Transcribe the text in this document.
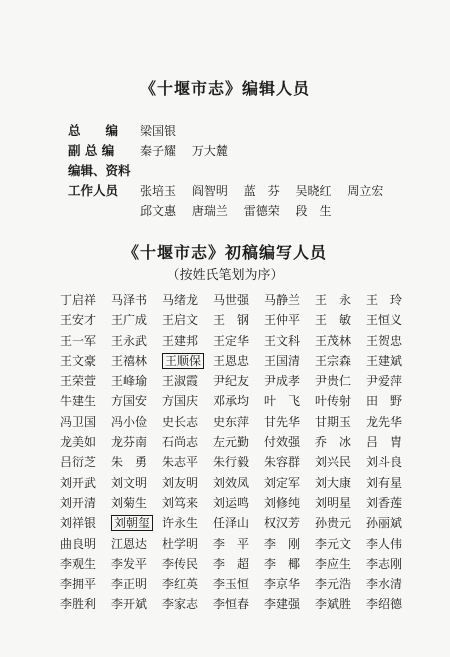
《十堰市志》编辑人员
总　　编	梁国银
副 总 编	秦子耀 万大麓
编辑、资料
工作人员	张培玉 阎智明 蓝　芬 吴晓红 周立宏
邱文惠 唐瑞兰 雷德荣 段　生
《十堰市志》初稿编写人员
（按姓氏笔划为序）
丁启祥	马泽书	马绪龙	马世强	马静兰	王　永	王　玲
王安才	王广成	王启文	王　钢	王仲平	王　敏	王恒义
王一军	王永武	王建邦	王定华	王文科	王茂林	王贺忠
王文豪	王禧林	王顺保 王恩忠	王国清	王宗森	王建斌
王荣萱	王峰瑜	王淑霞	尹纪友	尹成孝	尹贵仁	尹爱萍
牛建生	方国安	方国庆	邓承均	叶　飞	叶传射	田　野
冯卫国	冯小俭	史长志	史东萍	甘先华	甘期玉	龙先华
龙美如	龙芬南	石尚志	左元勤	付效强	乔　冰	吕　胄
吕衍芝	朱　勇	朱志平	朱行毅	朱容群	刘兴民	刘斗良
刘开武	刘文明	刘友明	刘效凤	刘定军	刘大康	刘有星
刘开清	刘菊生	刘笃来	刘运鸣	刘修纯	刘明星	刘香莲
刘祥银	刘朝玺 许永生	任泽山	权汉芳	孙贵元	孙丽斌
曲良明	江恩达	杜学明	李　平	李　刚	李元文	李人伟
李观生	李发平	李传民	李　超	李　椰	李应生	李志刚
李拥平	李正明	李红英	李玉恒	李京华	李元浩	李水清
李胜利	李开斌	李家志	李恒春	李建强	李斌胜	李绍德
